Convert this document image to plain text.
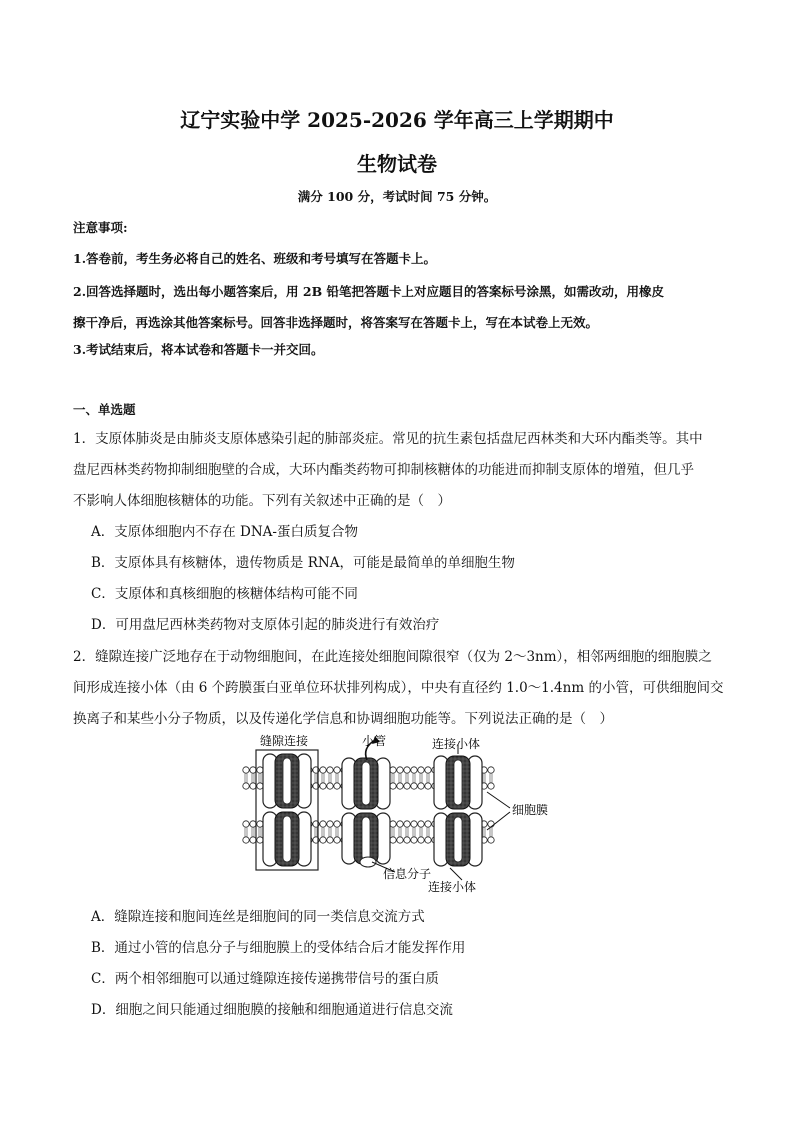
辽宁实验中学 2025-2026 学年高三上学期期中
生物试卷
满分 100 分，考试时间 75 分钟。
注意事项:
1.答卷前，考生务必将自己的姓名、班级和考号填写在答题卡上。
2.回答选择题时，选出每小题答案后，用 2B 铅笔把答题卡上对应题目的答案标号涂黑，如需改动，用橡皮
擦干净后，再选涂其他答案标号。回答非选择题时，将答案写在答题卡上，写在本试卷上无效。
3.考试结束后，将本试卷和答题卡一并交回。
一、单选题
1．支原体肺炎是由肺炎支原体感染引起的肺部炎症。常见的抗生素包括盘尼西林类和大环内酯类等。其中
盘尼西林类药物抑制细胞壁的合成，大环内酯类药物可抑制核糖体的功能进而抑制支原体的增殖，但几乎
不影响人体细胞核糖体的功能。下列有关叙述中正确的是（　）
A．支原体细胞内不存在 DNA-蛋白质复合物
B．支原体具有核糖体，遗传物质是 RNA，可能是最简单的单细胞生物
C．支原体和真核细胞的核糖体结构可能不同
D．可用盘尼西林类药物对支原体引起的肺炎进行有效治疗
2．缝隙连接广泛地存在于动物细胞间，在此连接处细胞间隙很窄（仅为 2～3nm），相邻两细胞的细胞膜之
间形成连接小体（由 6 个跨膜蛋白亚单位环状排列构成），中央有直径约 1.0～1.4nm 的小管，可供细胞间交
换离子和某些小分子物质，以及传递化学信息和协调细胞功能等。下列说法正确的是（　）
缝隙连接	小管	连接小体
细胞膜
信息分子
连接小体
A．缝隙连接和胞间连丝是细胞间的同一类信息交流方式
B．通过小管的信息分子与细胞膜上的受体结合后才能发挥作用
C．两个相邻细胞可以通过缝隙连接传递携带信号的蛋白质
D．细胞之间只能通过细胞膜的接触和细胞通道进行信息交流
